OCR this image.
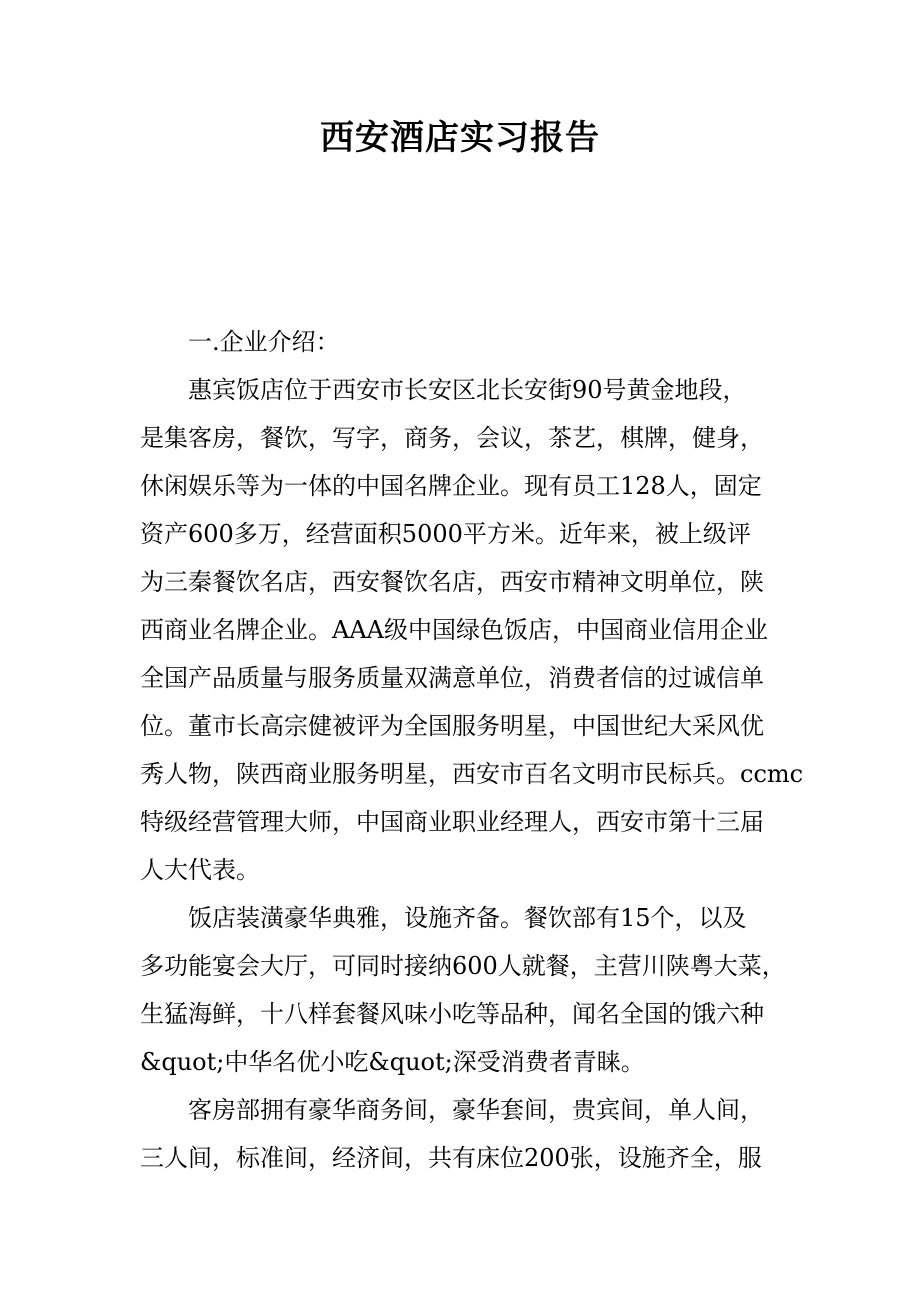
西安酒店实习报告
一.企业介绍：
惠宾饭店位于西安市长安区北长安街90号黄金地段，
是集客房，餐饮，写字，商务，会议，茶艺，棋牌，健身，
休闲娱乐等为一体的中国名牌企业。现有员工128人，固定
资产600多万，经营面积5000平方米。近年来，被上级评
为三秦餐饮名店，西安餐饮名店，西安市精神文明单位，陕
西商业名牌企业。AAA级中国绿色饭店，中国商业信用企业
全国产品质量与服务质量双满意单位，消费者信的过诚信单
位。董市长高宗健被评为全国服务明星，中国世纪大采风优
秀人物，陕西商业服务明星，西安市百名文明市民标兵。ccmc
特级经营管理大师，中国商业职业经理人，西安市第十三届
人大代表。
饭店装潢豪华典雅，设施齐备。餐饮部有15个，以及
多功能宴会大厅，可同时接纳600人就餐，主营川陕粤大菜，
生猛海鲜，十八样套餐风味小吃等品种，闻名全国的饿六种
&quot;中华名优小吃&quot;深受消费者青睐。
客房部拥有豪华商务间，豪华套间，贵宾间，单人间，
三人间，标准间，经济间，共有床位200张，设施齐全，服
